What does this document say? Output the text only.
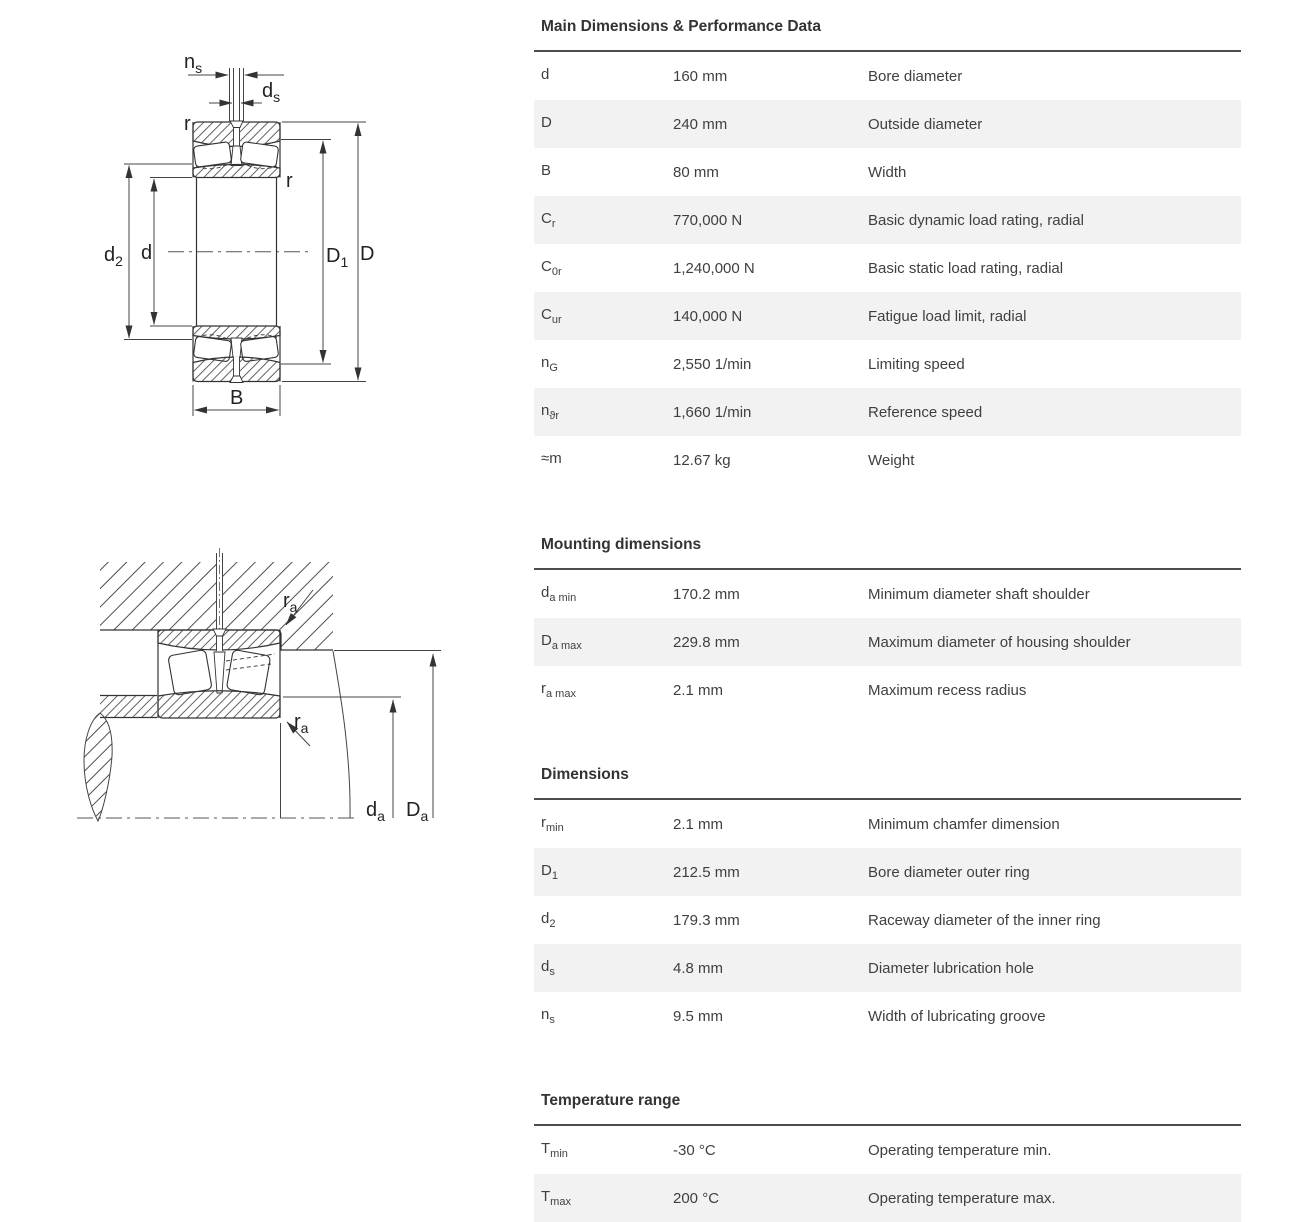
$n_s$
$d_s$
r
r
$d_2$ d	$D_1$ D
B
$r_a$
$r_a$
$d_a$ $D_a$
Main Dimensions & Performance Data
d	160 mm	Bore diameter
D	240 mm	Outside diameter
B	80 mm	Width
$C_r$	770,000 N	Basic dynamic load rating, radial
$C_{0r}$	1,240,000 N	Basic static load rating, radial
$C_{ur}$	140,000 N	Fatigue load limit, radial
$n_G$	2,550 1/min	Limiting speed
$n_{ϑr}$	1,660 1/min	Reference speed
≈m	12.67 kg	Weight
Mounting dimensions
$d_{a min}$	170.2 mm	Minimum diameter shaft shoulder
$D_{a max}$	229.8 mm	Maximum diameter of housing shoulder
$r_{a max}$	2.1 mm	Maximum recess radius
Dimensions
$r_{min}$	2.1 mm	Minimum chamfer dimension
$D_1$	212.5 mm	Bore diameter outer ring
$d_2$	179.3 mm	Raceway diameter of the inner ring
$d_s$	4.8 mm	Diameter lubrication hole
$n_s$	9.5 mm	Width of lubricating groove
Temperature range
$T_{min}$	-30 °C	Operating temperature min.
$T_{max}$	200 °C	Operating temperature max.
